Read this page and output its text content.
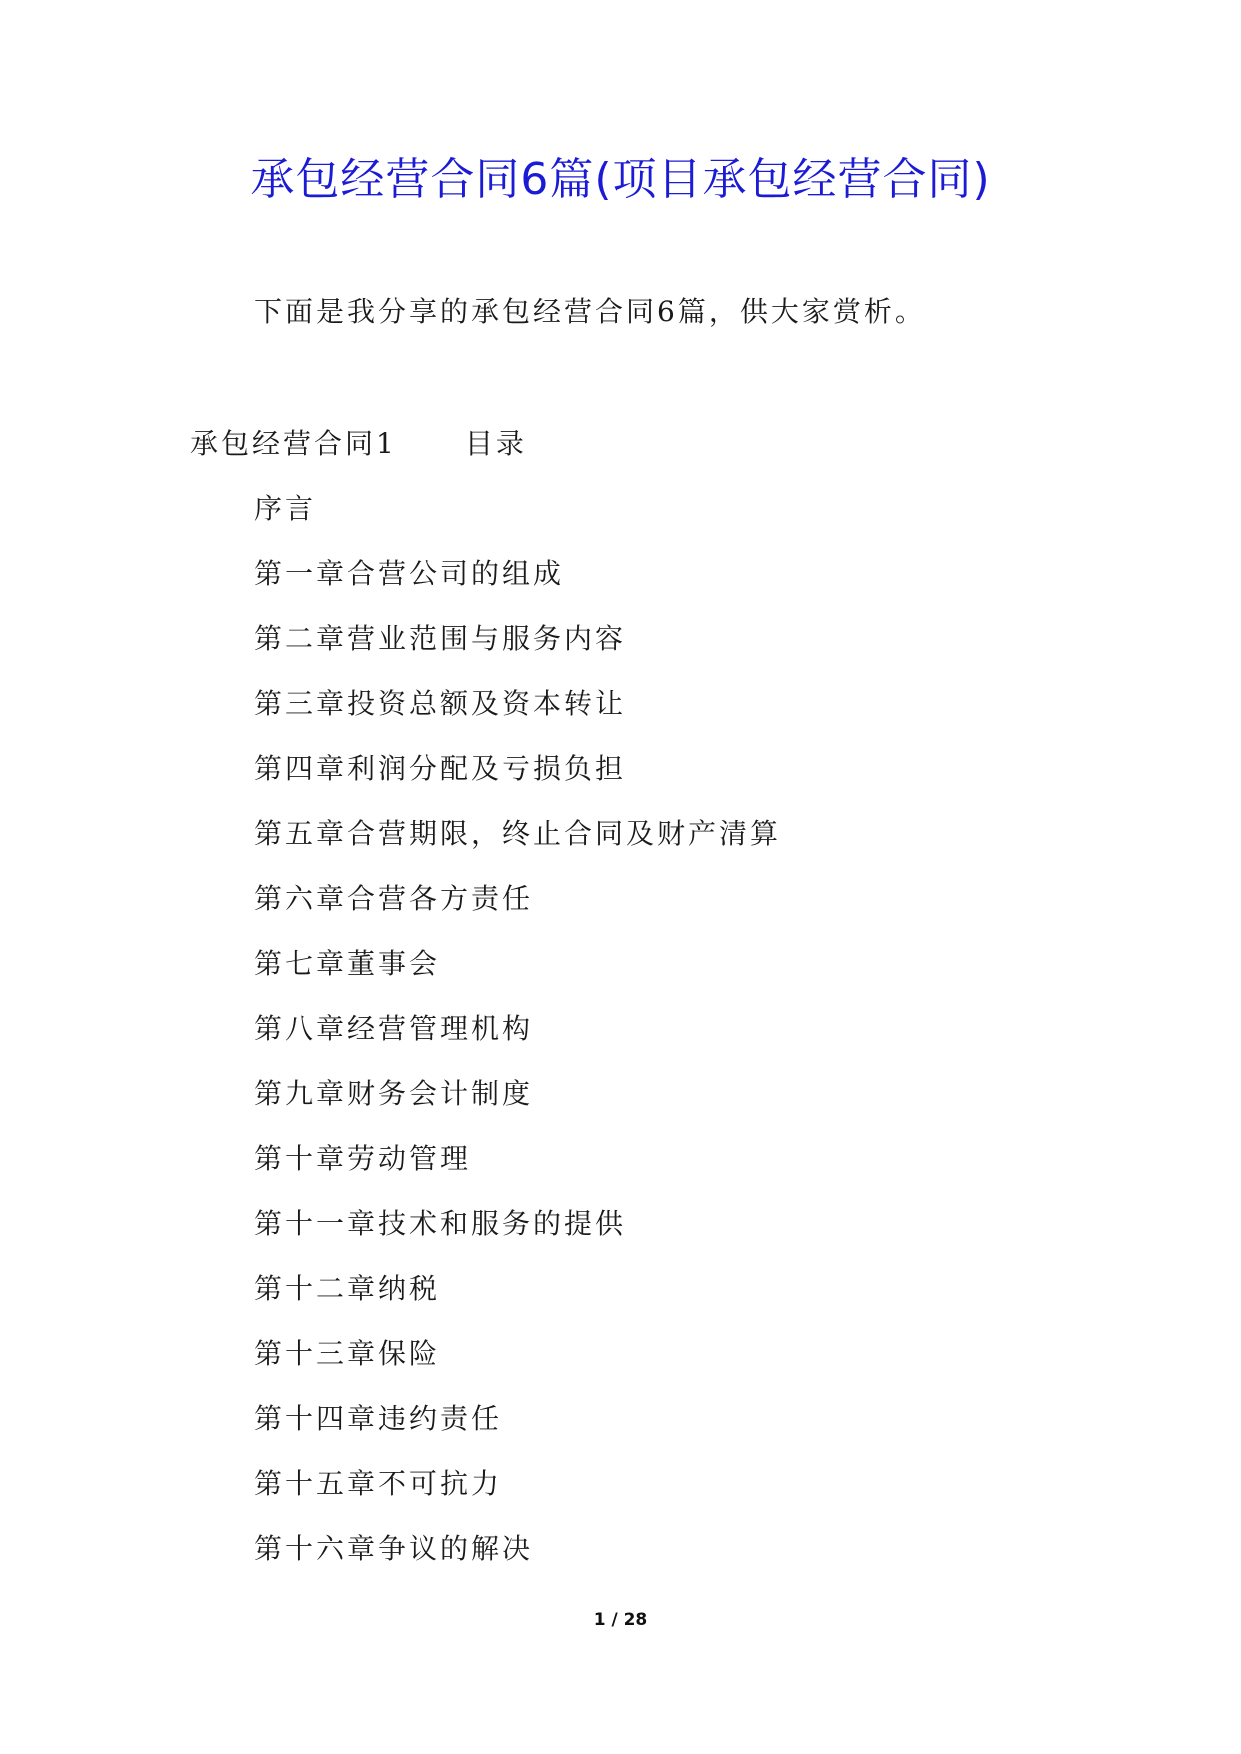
承包经营合同6篇(项目承包经营合同)

下面是我分享的承包经营合同6篇，供大家赏析。

承包经营合同1 目录
序言
第一章合营公司的组成
第二章营业范围与服务内容
第三章投资总额及资本转让
第四章利润分配及亏损负担
第五章合营期限，终止合同及财产清算
第六章合营各方责任
第七章董事会
第八章经营管理机构
第九章财务会计制度
第十章劳动管理
第十一章技术和服务的提供
第十二章纳税
第十三章保险
第十四章违约责任
第十五章不可抗力
第十六章争议的解决
1 / 28
